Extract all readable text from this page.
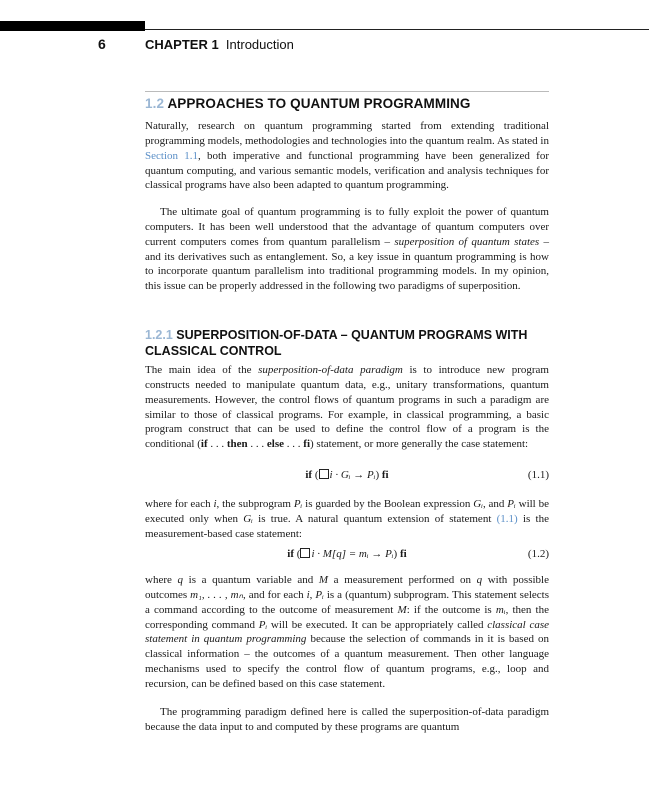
6	CHAPTER 1 Introduction
1.2 APPROACHES TO QUANTUM PROGRAMMING

Naturally, research on quantum programming started from extending traditional programming models, methodologies and technologies into the quantum realm. As stated in Section 1.1, both imperative and functional programming have been generalized for quantum computing, and various semantic models, verification and analysis techniques for classical programs have also been adapted to quantum programming.

The ultimate goal of quantum programming is to fully exploit the power of quantum computers. It has been well understood that the advantage of quantum computers over current computers comes from quantum parallelism – superposition of quantum states – and its derivatives such as entanglement. So, a key issue in quantum programming is how to incorporate quantum parallelism into traditional programming models. In my opinion, this issue can be properly addressed in the following two paradigms of superposition.

1.2.1 SUPERPOSITION-OF-DATA – QUANTUM PROGRAMS WITH CLASSICAL CONTROL

The main idea of the superposition-of-data paradigm is to introduce new program constructs needed to manipulate quantum data, e.g., unitary transformations, quantum measurements. However, the control flows of quantum programs in such a paradigm are similar to those of classical programs. For example, in classical programming, a basic program construct that can be used to define the control flow of a program is the conditional (if . . . then . . . else . . . fi) statement, or more generally the case statement:

if ( i · Gᵢ → Pᵢ) fi	(1.1)

where for each i, the subprogram Pᵢ is guarded by the Boolean expression Gᵢ, and Pᵢ will be executed only when Gᵢ is true. A natural quantum extension of statement (1.1) is the measurement-based case statement:

if ( i · M[q] = mᵢ → Pᵢ) fi	(1.2)

where q is a quantum variable and M a measurement performed on q with possible outcomes m₁, . . . , mₙ, and for each i, Pᵢ is a (quantum) subprogram. This statement selects a command according to the outcome of measurement M: if the outcome is mᵢ, then the corresponding command Pᵢ will be executed. It can be appropriately called classical case statement in quantum programming because the selection of commands in it is based on classical information – the outcomes of a quantum measurement. Then other language mechanisms used to specify the control flow of quantum programs, e.g., loop and recursion, can be defined based on this case statement.

The programming paradigm defined here is called the superposition-of-data paradigm because the data input to and computed by these programs are quantum
